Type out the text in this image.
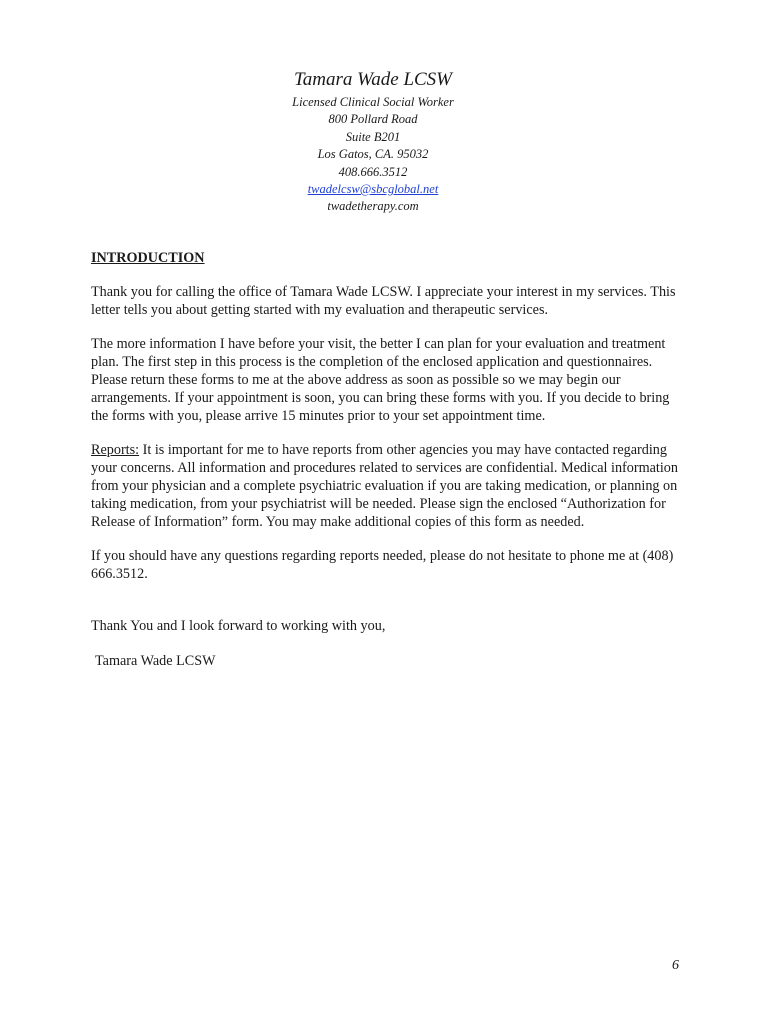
Tamara Wade LCSW
Licensed Clinical Social Worker
800 Pollard Road
Suite B201
Los Gatos, CA. 95032
408.666.3512
twadelcsw@sbcglobal.net
twadetherapy.com
INTRODUCTION

Thank you for calling the office of Tamara Wade LCSW. I appreciate your interest in my services. This letter tells you about getting started with my evaluation and therapeutic services.

The more information I have before your visit, the better I can plan for your evaluation and treatment plan. The first step in this process is the completion of the enclosed application and questionnaires. Please return these forms to me at the above address as soon as possible so we may begin our arrangements. If your appointment is soon, you can bring these forms with you. If you decide to bring the forms with you, please arrive 15 minutes prior to your set appointment time.

Reports: It is important for me to have reports from other agencies you may have contacted regarding your concerns. All information and procedures related to services are confidential. Medical information from your physician and a complete psychiatric evaluation if you are taking medication, or planning on taking medication, from your psychiatrist will be needed. Please sign the enclosed “Authorization for Release of Information” form. You may make additional copies of this form as needed.

If you should have any questions regarding reports needed, please do not hesitate to phone me at (408) 666.3512.

Thank You and I look forward to working with you,

Tamara Wade LCSW

6
